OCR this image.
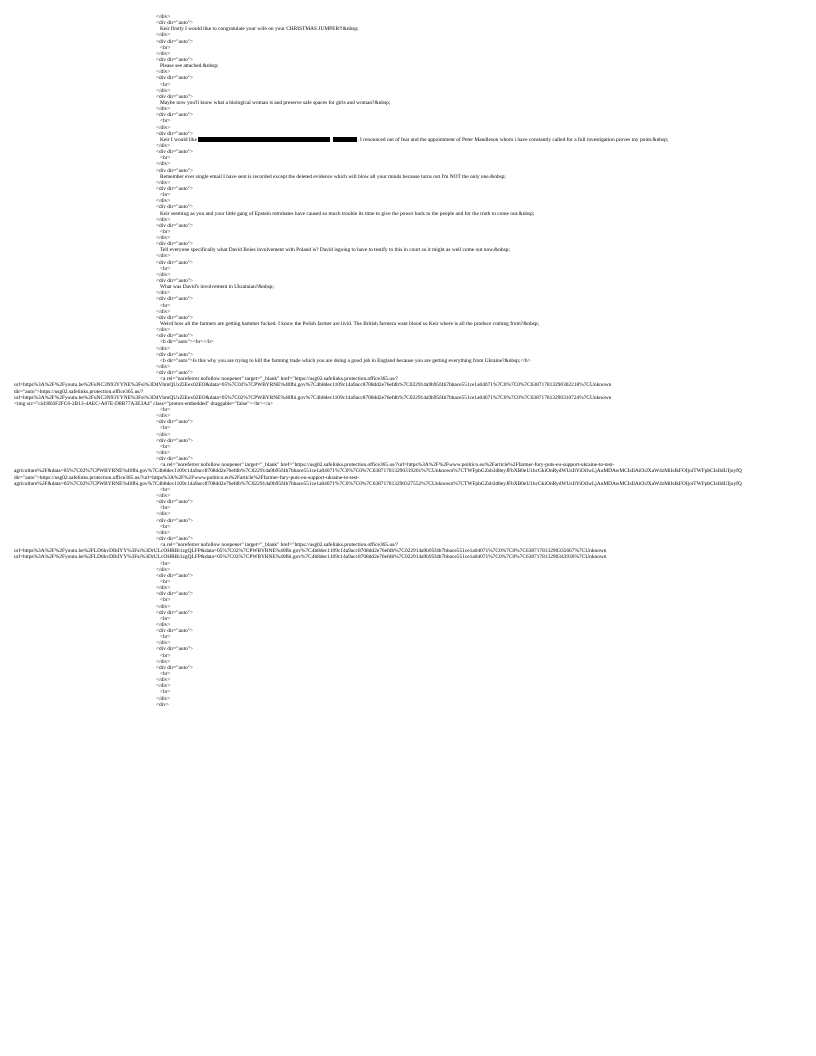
</div>
<div dir="auto">
Keir firstly I would like to congratulate your wife on your CHRISTMAS JUMPER!!&nbsp;
</div>
<div dir="auto">
<br>
</div>
<div dir="auto">
Please see attached.&nbsp;
</div>
<div dir="auto">
<br>
</div>
<div dir="auto">
Maybe now you'll know what a biological woman is and preserve safe spaces for girls and woman?&nbsp;
</div>
<div dir="auto">
<br>
</div>
<div dir="auto">
Keir I would like	. I renounced out of fear and the appointment of Peter Mandleson whom i have constantly called for a full investigation proves my point.&nbsp;
</div>
<div dir="auto">
<br>
</div>
<div dir="auto">
Remember ever single email I have sent is recorded except the deleted evidence which will blow all your minds because turns out I'm NOT the only one.&nbsp;
</div>
<div dir="auto">
<br>
</div>
<div dir="auto">
Keir seeming as you and your little gang of Epstein retrobates have caused so much trouble its time to give the power back to the people and for the truth to come out.&nbsp;
</div>
<div dir="auto">
<br>
</div>
<div dir="auto">
Tell everyone specifically what David Boies involvement with Poland is? David isgoing to have to testify to this in court so it might as well come out now.&nbsp;
</div>
<div dir="auto">
<br>
</div>
<div dir="auto">
What was David's involvement in Ukrainian?&nbsp;
</div>
<div dir="auto">
<br>
</div>
<div dir="auto">
Weird how all the farmers are getting hammer fucked. I know the Polish farmer are livid. The British farmera want blood so Keir where is all the produce coming from?&nbsp;
</div>
<div dir="auto">
<b dir="auto"><br></b>
</div>
<div dir="auto">
<b dir="auto">Is this why you are trying to kill the farming trade which you are doing a good job in England because you are getting everything from Ukraine?&nbsp;</b>
</div>
<div dir="auto">
<a rel="noreferrer nofollow noopener" target="_blank" href="https://usg02.safelinks.protection.office365.us/?
url=https%3A%2F%2Fyoutu.be%2FuNC3N93YYNE%3Fsi%3D4VhmQUxZiEex02EO&data=05%7C02%7CPWBYRNE%40fbi.gov%7C4b8dec1109c14a9acc8708dd2e76efdb%7C022914a9b95f4b7bbace551ce1a04071%7C0%7C0%7C638717813290302218%7CUnknown
dir="auto">https://usg02.safelinks.protection.office365.us/?
url=https%3A%2F%2Fyoutu.be%2FuNC3N93YYNE%3Fsi%3D4VhmQUxZiEex02EO&data=05%7C02%7CPWBYRNE%40fbi.gov%7C4b8dec1109c14a9acc8708dd2e76efdb%7C022914a9b95f4b7bbace551ce1a04071%7C0%7C0%7C638717813290310724%7CUnknown
<img src="cid:8E6F2FC6-2B13-4AEC-A07E-D8B77A3E3A4" class="proton-embedded" draggable="false"><br></a>
<br>
</div>
<div dir="auto">
<br>
</div>
<div dir="auto">
<br>
</div>
<div dir="auto">
<a rel="noreferrer nofollow noopener" target="_blank" href="https://usg02.safelinks.protection.office365.us/?url=https%3A%2F%2Fwww.politico.eu%2Farticle%2Ffarmer-fury-puts-eu-support-ukraine-to-test-
agriculture%2F&data=05%7C02%7CPWBYRNE%40fbi.gov%7C4b8dec1109c14a9acc8708dd2e76efdb%7C022914a9b95f4b7bbace551ce1a04071%7C0%7C0%7C638717813290319261%7CUnknown%7CTWFpbGZsb3d8eyJFbXB0eU1hcGkiOnRydWUsIlYiOiIwLjAuMDAwMCIsIlAiOiJXaW4zMiIsIkFOIjoiTWFpbCIsIldUIjoyfQ
dir="auto">https://usg02.safelinks.protection.office365.us/?url=https%3A%2F%2Fwww.politico.eu%2Farticle%2Ffarmer-fury-puts-eu-support-ukraine-to-test-
agriculture%2F&data=05%7C02%7CPWBYRNE%40fbi.gov%7C4b8dec1109c14a9acc8708dd2e76efdb%7C022914a9b95f4b7bbace551ce1a04071%7C0%7C0%7C638717813290327552%7CUnknown%7CTWFpbGZsb3d8eyJFbXB0eU1hcGkiOnRydWUsIlYiOiIwLjAuMDAwMCIsIlAiOiJXaW4zMiIsIkFOIjoiTWFpbCIsIldUIjoyfQ
<br>
</div>
<div dir="auto">
<br>
</div>
<div dir="auto">
<br>
</div>
<div dir="auto">
<a rel="noreferrer nofollow noopener" target="_blank" href="https://usg02.safelinks.protection.office365.us/?
url=https%3A%2F%2Fyoutu.be%2FLD6kvDIhIYY%3Fsi%3DrULcOHRBi1zgQLFP&data=05%7C02%7CPWBYRNE%40fbi.gov%7C4b8dec1109c14a9acc8708dd2e76efdb%7C022914a9b95f4b7bbace551ce1a04071%7C0%7C0%7C638717813290335667%7CUnknown
url=https%3A%2F%2Fyoutu.be%2FLD6kvDIhIYY%3Fsi%3DrULcOHRBi1zgQLFP&data=05%7C02%7CPWBYRNE%40fbi.gov%7C4b8dec1109c14a9acc8708dd2e76efdb%7C022914a9b95f4b7bbace551ce1a04071%7C0%7C0%7C638717813290343930%7CUnknown
<br>
</div>
<div dir="auto">
<br>
</div>
<div dir="auto">
<br>
</div>
<div dir="auto">
<br>
</div>
<div dir="auto">
<br>
</div>
<div dir="auto">
<br>
</div>
<div dir="auto">
<br>
</div>
</div>
<br>
</div>
<div>
